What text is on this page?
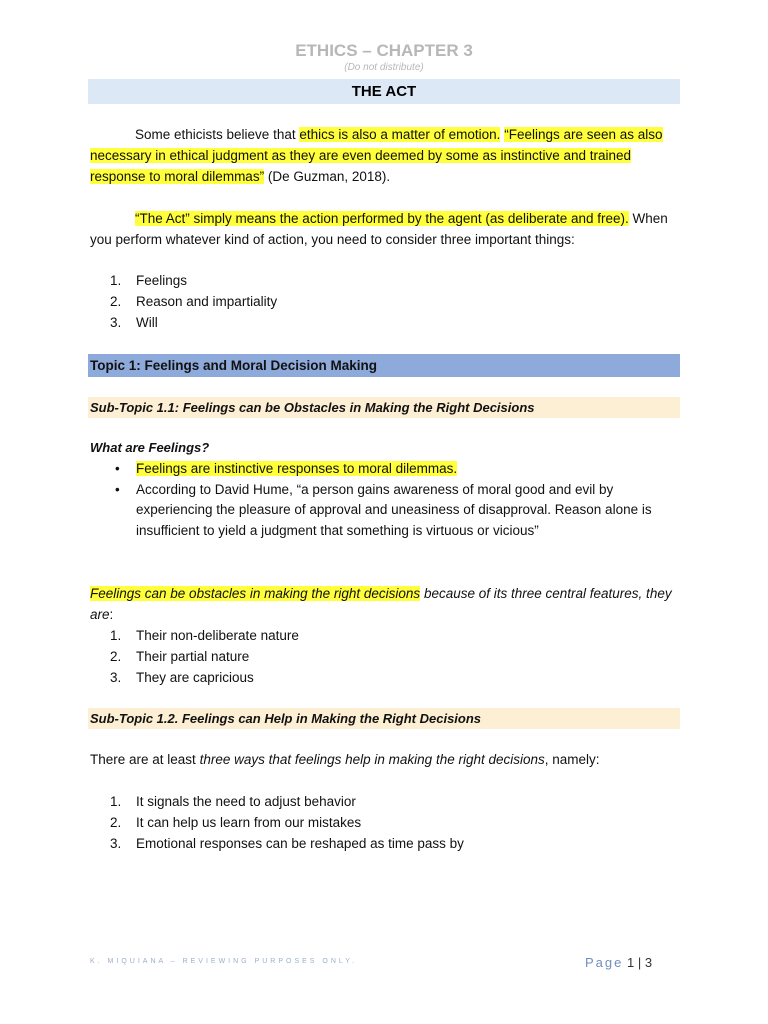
ETHICS – CHAPTER 3
(Do not distribute)
THE ACT
Some ethicists believe that ethics is also a matter of emotion. “Feelings are seen as also necessary in ethical judgment as they are even deemed by some as instinctive and trained response to moral dilemmas” (De Guzman, 2018).
“The Act” simply means the action performed by the agent (as deliberate and free). When you perform whatever kind of action, you need to consider three important things:
1. Feelings
2. Reason and impartiality
3. Will
Topic 1: Feelings and Moral Decision Making
Sub-Topic 1.1: Feelings can be Obstacles in Making the Right Decisions
What are Feelings?
• Feelings are instinctive responses to moral dilemmas.
• According to David Hume, “a person gains awareness of moral good and evil by experiencing the pleasure of approval and uneasiness of disapproval. Reason alone is insufficient to yield a judgment that something is virtuous or vicious”
Feelings can be obstacles in making the right decisions because of its three central features, they are:
1. Their non-deliberate nature
2. Their partial nature
3. They are capricious
Sub-Topic 1.2. Feelings can Help in Making the Right Decisions
There are at least three ways that feelings help in making the right decisions, namely:
1. It signals the need to adjust behavior
2. It can help us learn from our mistakes
3. Emotional responses can be reshaped as time pass by
K. MIQUIANA – REVIEWING PURPOSES ONLY.	Page 1 | 3
